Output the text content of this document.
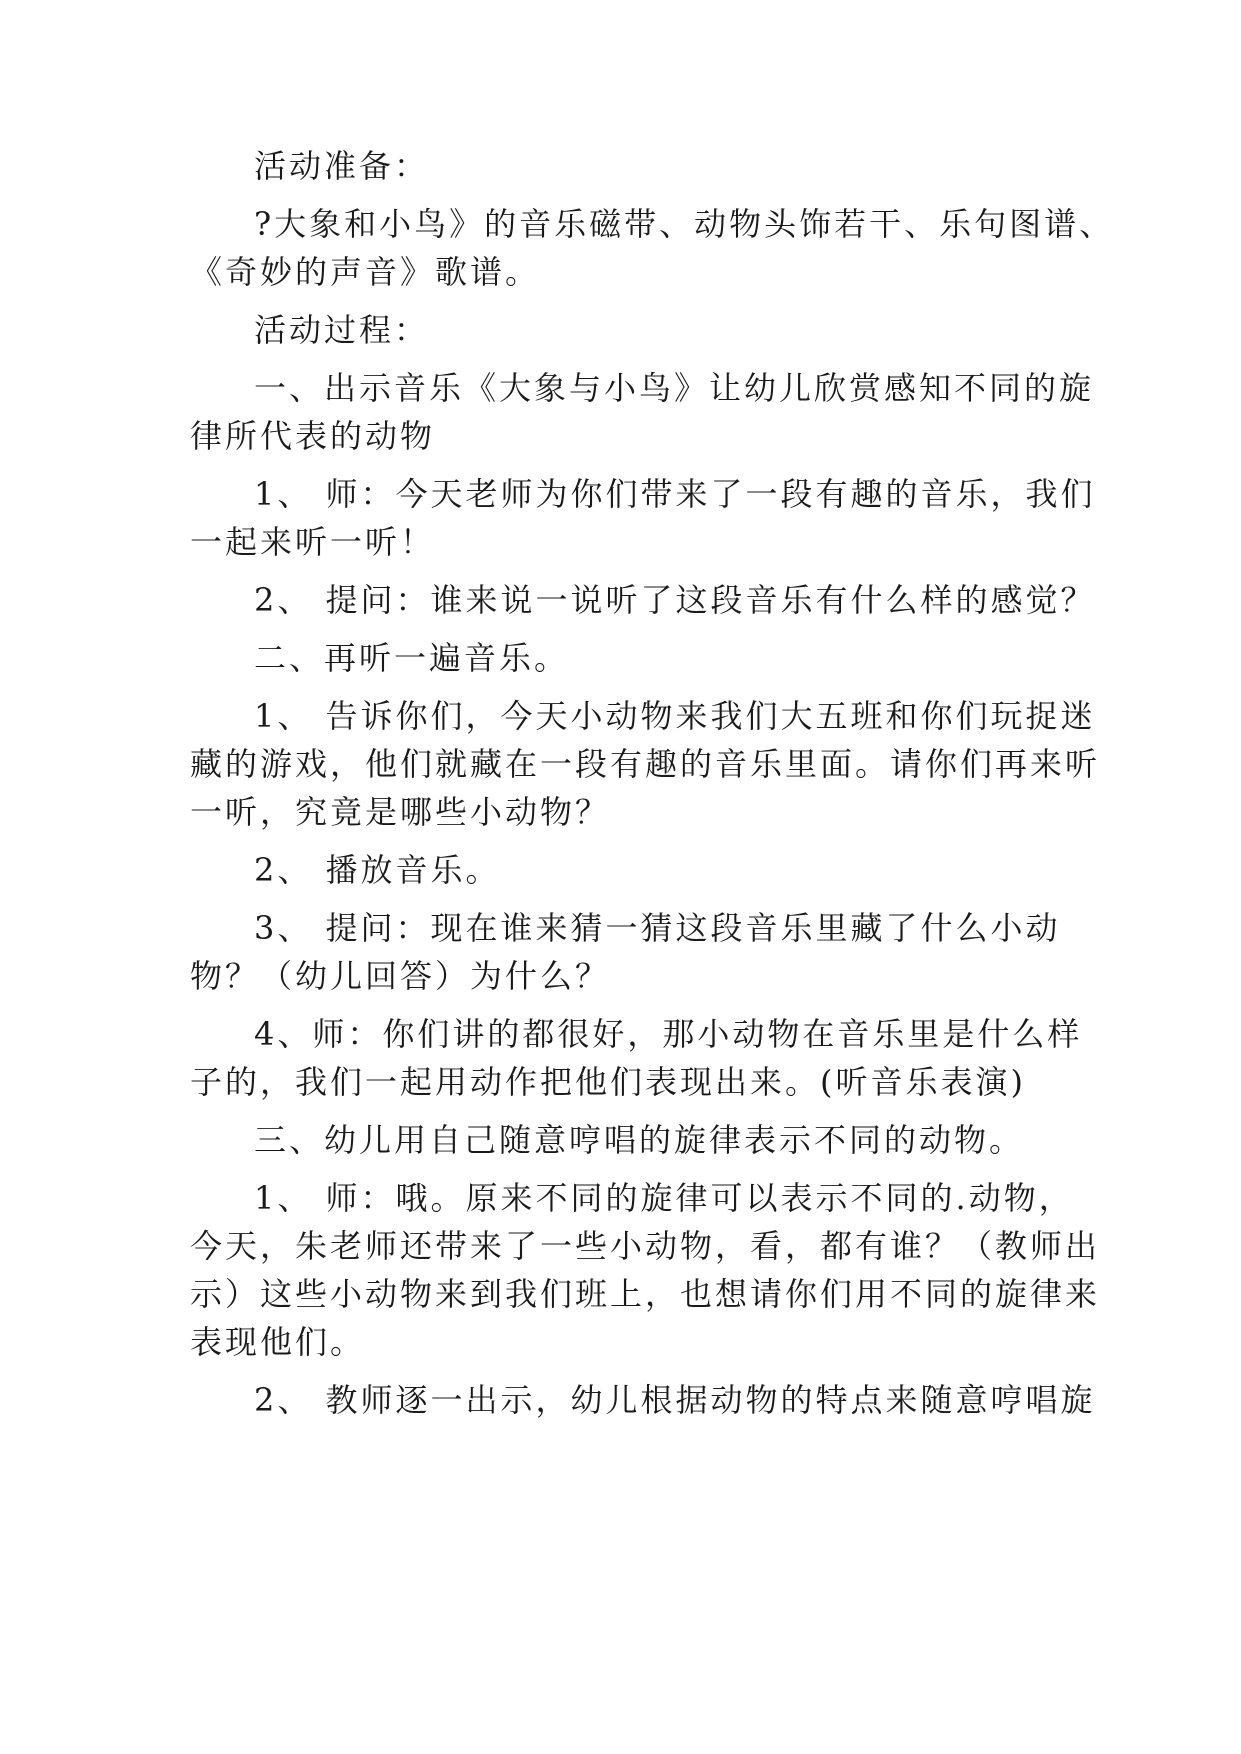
活动准备：
?大象和小鸟》的音乐磁带、动物头饰若干、乐句图谱、
《奇妙的声音》歌谱。
活动过程：
一、出示音乐《大象与小鸟》让幼儿欣赏感知不同的旋
律所代表的动物
1、 师：今天老师为你们带来了一段有趣的音乐，我们
一起来听一听！
2、 提问：谁来说一说听了这段音乐有什么样的感觉？
二、再听一遍音乐。
1、 告诉你们，今天小动物来我们大五班和你们玩捉迷
藏的游戏，他们就藏在一段有趣的音乐里面。请你们再来听
一听，究竟是哪些小动物？
2、 播放音乐。
3、 提问：现在谁来猜一猜这段音乐里藏了什么小动
物？（幼儿回答）为什么？
4、师：你们讲的都很好，那小动物在音乐里是什么样
子的，我们一起用动作把他们表现出来。(听音乐表演)
三、幼儿用自己随意哼唱的旋律表示不同的动物。
1、 师：哦。原来不同的旋律可以表示不同的.动物，
今天，朱老师还带来了一些小动物，看，都有谁？（教师出
示）这些小动物来到我们班上，也想请你们用不同的旋律来
表现他们。
2、 教师逐一出示，幼儿根据动物的特点来随意哼唱旋
